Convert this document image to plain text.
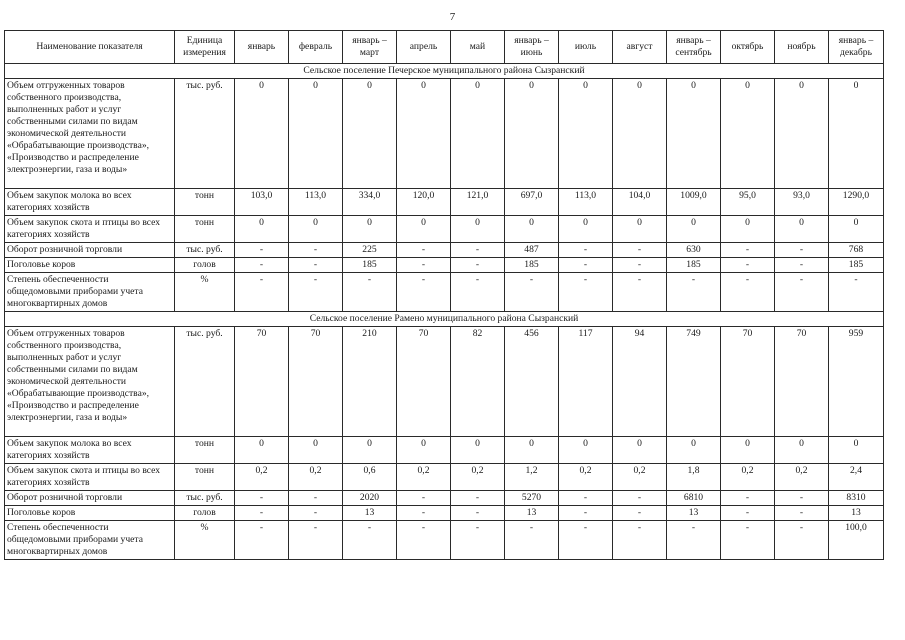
7
Наименование показателя	Единица измерения	январь	февраль	январь – март	апрель	май	январь – июнь	июль	август	январь – сентябрь	октябрь	ноябрь	январь – декабрь
Сельское поселение Печерское муниципального района Сызранский													
Объем отгруженных товаров собственного производства, выполненных работ и услуг собственными силами по видам экономической деятельности «Обрабатывающие производства», «Производство и распределение электроэнергии, газа и воды»	тыс. руб.	0	0	0	0	0	0	0	0	0	0	0	0
Объем закупок молока во всех категориях хозяйств	тонн	103,0	113,0	334,0	120,0	121,0	697,0	113,0	104,0	1009,0	95,0	93,0	1290,0
Объем закупок скота и птицы во всех категориях хозяйств	тонн	0	0	0	0	0	0	0	0	0	0	0	0
Оборот розничной торговли	тыс. руб.	-	-	225	-	-	487	-	-	630	-	-	768
Поголовье коров	голов	-	-	185	-	-	185	-	-	185	-	-	185
Степень обеспеченности общедомовыми приборами учета многоквартирных домов	%	-	-	-	-	-	-	-	-	-	-	-	-
Сельское поселение Рамено муниципального района Сызранский													
Объем отгруженных товаров собственного производства, выполненных работ и услуг собственными силами по видам экономической деятельности «Обрабатывающие производства», «Производство и распределение электроэнергии, газа и воды»	тыс. руб.	70	70	210	70	82	456	117	94	749	70	70	959
Объем закупок молока во всех категориях хозяйств	тонн	0	0	0	0	0	0	0	0	0	0	0	0
Объем закупок скота и птицы во всех категориях хозяйств	тонн	0,2	0,2	0,6	0,2	0,2	1,2	0,2	0,2	1,8	0,2	0,2	2,4
Оборот розничной торговли	тыс. руб.	-	-	2020	-	-	5270	-	-	6810	-	-	8310
Поголовье коров	голов	-	-	13	-	-	13	-	-	13	-	-	13
Степень обеспеченности общедомовыми приборами учета многоквартирных домов	%	-	-	-	-	-	-	-	-	-	-	-	100,0
